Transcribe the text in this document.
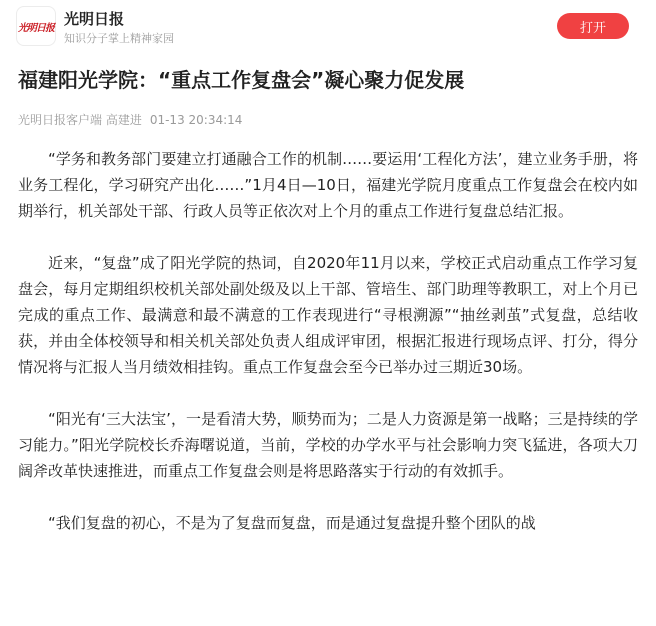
光明日报 光明日报
知识分子掌上精神家园
打开
福建阳光学院：“重点工作复盘会”凝心聚力促发展
光明日报客户端 高建进 01-13 20:34:14

“学务和教务部门要建立打通融合工作的机制……要运用‘工程化方法’，建立业务手册，将业务工程化，学习研究产出化……”1月4日—10日，福建光学院月度重点工作复盘会在校内如期举行，机关部处干部、行政人员等正依次对上个月的重点工作进行复盘总结汇报。

近来，“复盘”成了阳光学院的热词，自2020年11月以来，学校正式启动重点工作学习复盘会，每月定期组织校机关部处副处级及以上干部、管培生、部门助理等教职工，对上个月已完成的重点工作、最满意和最不满意的工作表现进行“寻根溯源”“抽丝剥茧”式复盘，总结收获，并由全体校领导和相关机关部处负责人组成评审团，根据汇报进行现场点评、打分，得分情况将与汇报人当月绩效相挂钩。重点工作复盘会至今已举办过三期近30场。

“阳光有‘三大法宝’，一是看清大势，顺势而为；二是人力资源是第一战略；三是持续的学习能力。”阳光学院校长乔海曙说道，当前，学校的办学水平与社会影响力突飞猛进，各项大刀阔斧改革快速推进，而重点工作复盘会则是将思路落实于行动的有效抓手。

“我们复盘的初心，不是为了复盘而复盘，而是通过复盘提升整个团队的战
